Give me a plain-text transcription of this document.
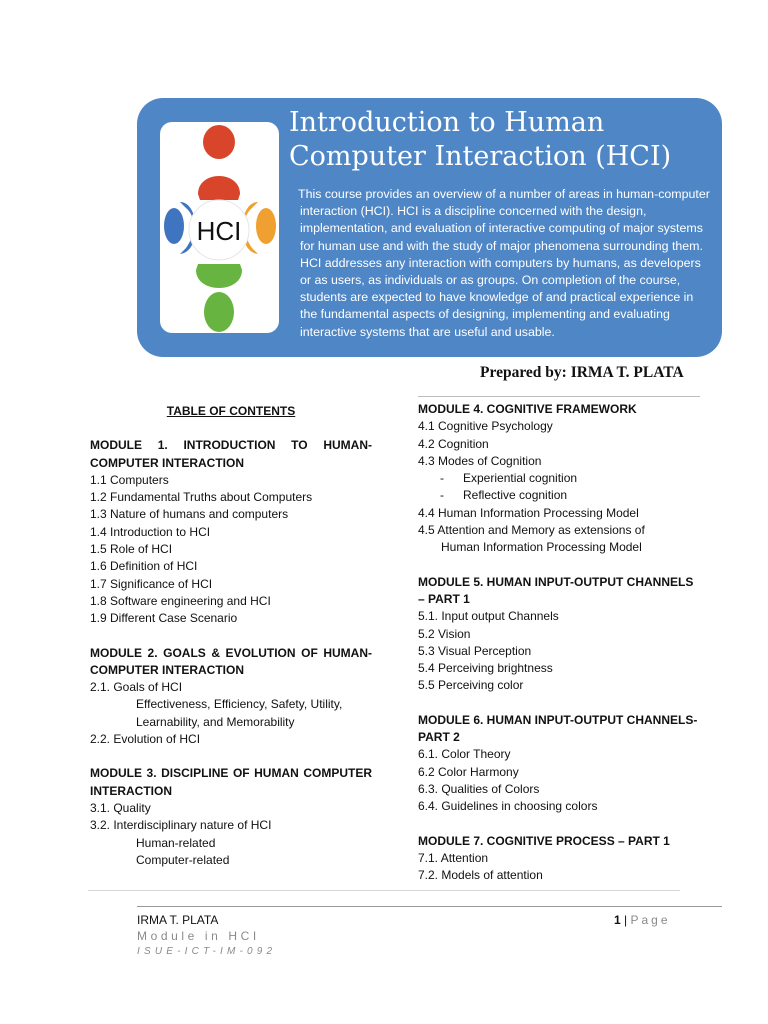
HCI
Introduction to Human Computer Interaction (HCI)
• This course provides an overview of a number of areas in human-computer interaction (HCI). HCI is a discipline concerned with the design, implementation, and evaluation of interactive computing of major systems for human use and with the study of major phenomena surrounding them. HCI addresses any interaction with computers by humans, as developers or as users, as individuals or as groups. On completion of the course, students are expected to have knowledge of and practical experience in the fundamental aspects of designing, implementing and evaluating interactive systems that are useful and usable.
Prepared by: IRMA T. PLATA
TABLE OF CONTENTS
MODULE 1. INTRODUCTION TO HUMAN-COMPUTER INTERACTION
1.1 Computers
1.2 Fundamental Truths about Computers
1.3 Nature of humans and computers
1.4 Introduction to HCI
1.5 Role of HCI
1.6 Definition of HCI
1.7 Significance of HCI
1.8 Software engineering and HCI
1.9 Different Case Scenario
MODULE 2. GOALS & EVOLUTION OF HUMAN-COMPUTER INTERACTION
2.1. Goals of HCI
Effectiveness, Efficiency, Safety, Utility,
Learnability, and Memorability
2.2. Evolution of HCI
MODULE 3. DISCIPLINE OF HUMAN COMPUTER INTERACTION
3.1. Quality
3.2. Interdisciplinary nature of HCI
Human-related
Computer-related
MODULE 4. COGNITIVE FRAMEWORK
4.1 Cognitive Psychology
4.2 Cognition
4.3 Modes of Cognition
- Experiential cognition
- Reflective cognition
4.4 Human Information Processing Model
4.5 Attention and Memory as extensions of
Human Information Processing Model
MODULE 5. HUMAN INPUT-OUTPUT CHANNELS – PART 1
5.1. Input output Channels
5.2 Vision
5.3 Visual Perception
5.4 Perceiving brightness
5.5 Perceiving color
MODULE 6. HUMAN INPUT-OUTPUT CHANNELS-PART 2
6.1. Color Theory
6.2 Color Harmony
6.3. Qualities of Colors
6.4. Guidelines in choosing colors
MODULE 7. COGNITIVE PROCESS – PART 1
7.1. Attention
7.2. Models of attention
IRMA T. PLATA
Module in HCI
ISUE-ICT-IM-092
1 | Page
